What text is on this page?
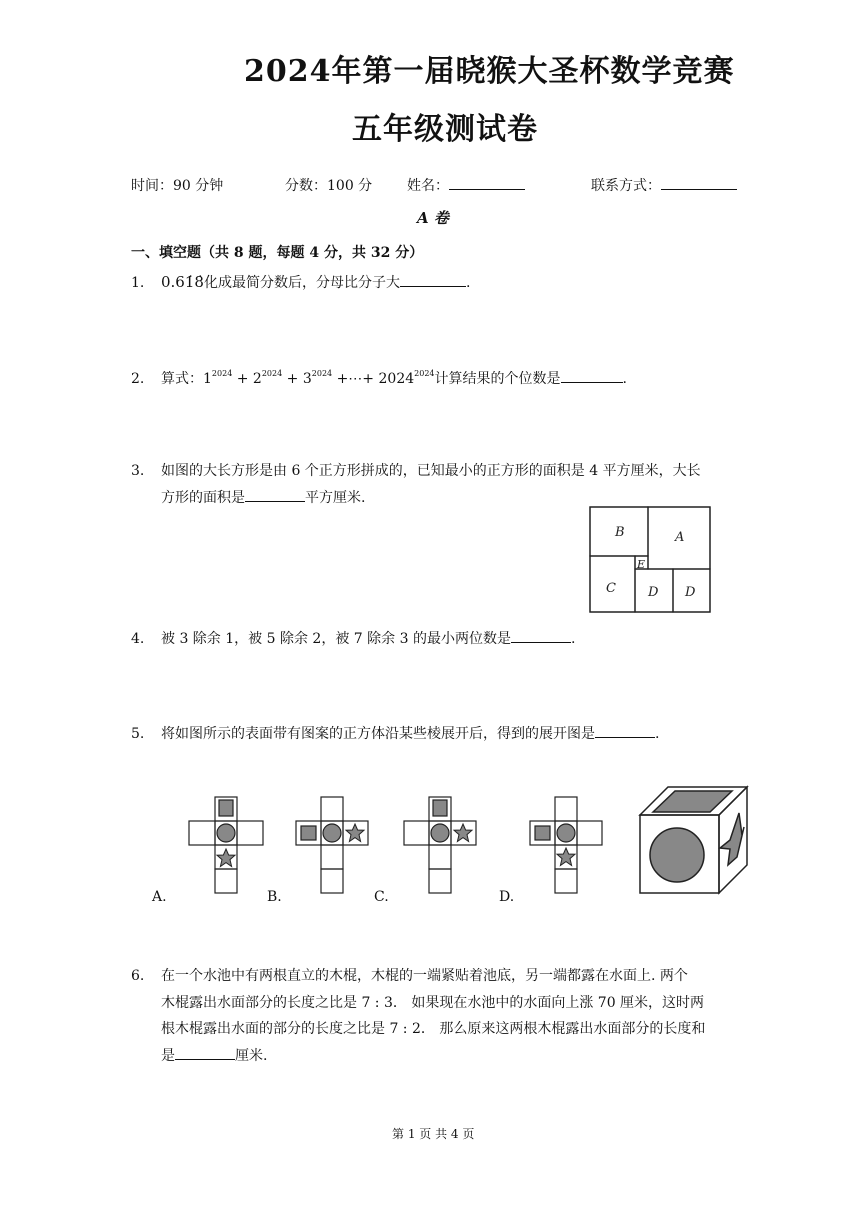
2024年第一届晓猴大圣杯数学竞赛
五年级测试卷
时间：90 分钟	分数：100 分 姓名：	联系方式：
A 卷
一、填空题（共 8 题，每题 4 分，共 32 分）
1. 0.61̇8̇化成最简分数后，分母比分子大	.
2. 算式：$1^{2024} + 2^{2024} + 3^{2024}$ +⋯+ $2024^{2024}$计算结果的个位数是	.
3. 如图的大长方形是由 6 个正方形拼成的，已知最小的正方形的面积是 4 平方厘米，大长
方形的面积是	平方厘米.
B	A
E
C D D
4. 被 3 除余 1，被 5 除余 2，被 7 除余 3 的最小两位数是	.
5. 将如图所示的表面带有图案的正方体沿某些棱展开后，得到的展开图是	.
A.	B.	C.	D.
6. 在一个水池中有两根直立的木棍，木棍的一端紧贴着池底，另一端都露在水面上. 两个
木棍露出水面部分的长度之比是 7 : 3． 如果现在水池中的水面向上涨 70 厘米，这时两
根木棍露出水面的部分的长度之比是 7 : 2． 那么原来这两根木棍露出水面部分的长度和
是	厘米.
第 1 页 共 4 页
